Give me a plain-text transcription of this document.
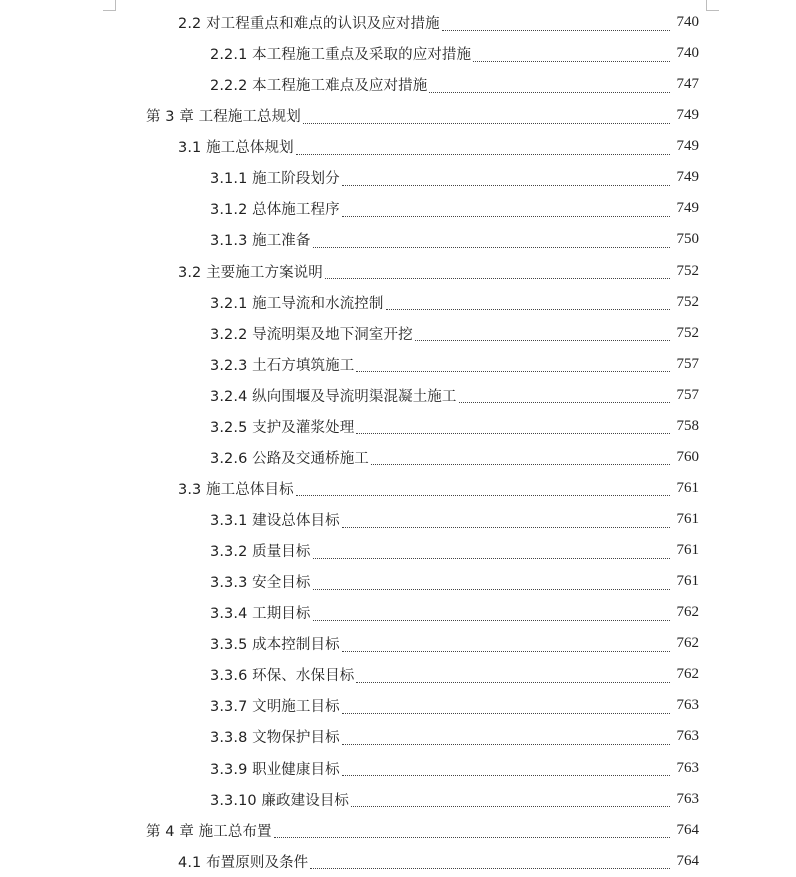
2.2 对工程重点和难点的认识及应对措施	740
2.2.1 本工程施工重点及采取的应对措施	740
2.2.2 本工程施工难点及应对措施	747
第 3 章 工程施工总规划	749
3.1 施工总体规划	749
3.1.1 施工阶段划分	749
3.1.2 总体施工程序	749
3.1.3 施工准备	750
3.2 主要施工方案说明	752
3.2.1 施工导流和水流控制	752
3.2.2 导流明渠及地下洞室开挖	752
3.2.3 土石方填筑施工	757
3.2.4 纵向围堰及导流明渠混凝土施工	757
3.2.5 支护及灌浆处理	758
3.2.6 公路及交通桥施工	760
3.3 施工总体目标	761
3.3.1 建设总体目标	761
3.3.2 质量目标	761
3.3.3 安全目标	761
3.3.4 工期目标	762
3.3.5 成本控制目标	762
3.3.6 环保、水保目标	762
3.3.7 文明施工目标	763
3.3.8 文物保护目标	763
3.3.9 职业健康目标	763
3.3.10 廉政建设目标	763
第 4 章 施工总布置	764
4.1 布置原则及条件	764
